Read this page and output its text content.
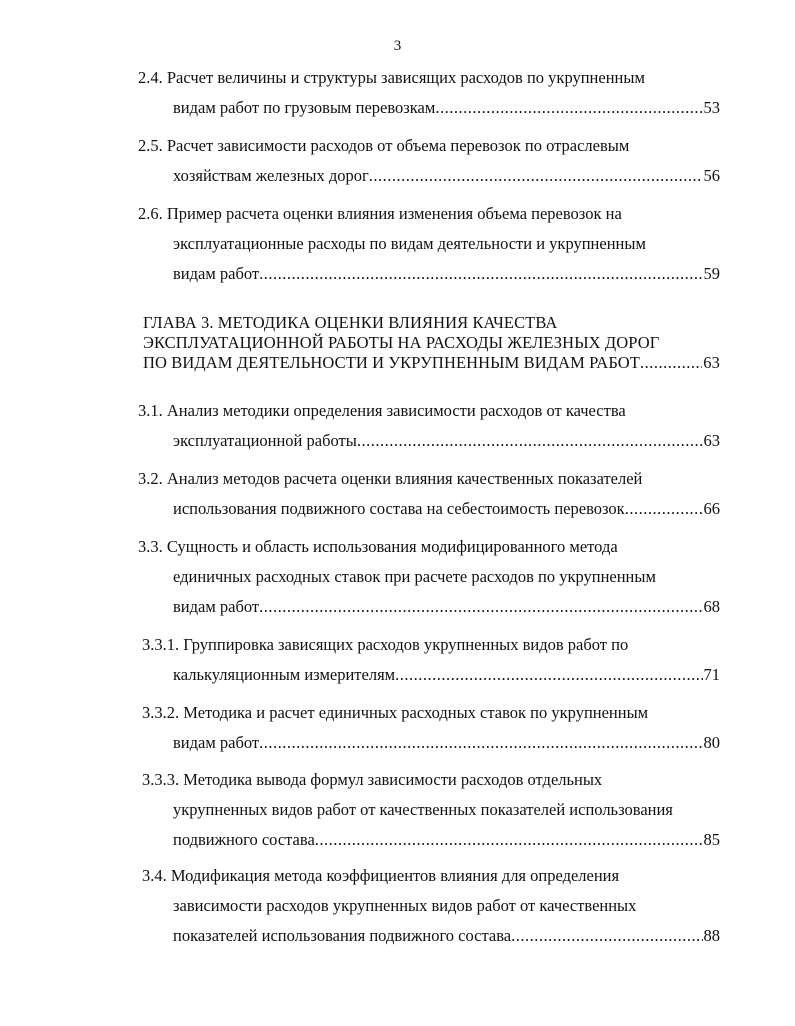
3
2.4. Расчет величины и структуры зависящих расходов по укрупненным
видам работ по грузовым перевозкам .....	53
2.5. Расчет зависимости расходов от объема перевозок по отраслевым
хозяйствам железных дорог .....	56
2.6. Пример расчета оценки влияния изменения объема перевозок на
эксплуатационные расходы по видам деятельности и укрупненным
видам работ .....	59
ГЛАВА 3. МЕТОДИКА ОЦЕНКИ ВЛИЯНИЯ КАЧЕСТВА
ЭКСПЛУАТАЦИОННОЙ РАБОТЫ НА РАСХОДЫ ЖЕЛЕЗНЫХ ДОРОГ
ПО ВИДАМ ДЕЯТЕЛЬНОСТИ И УКРУПНЕННЫМ ВИДАМ РАБОТ .....	63
3.1. Анализ методики определения зависимости расходов от качества
эксплуатационной работы .....	63
3.2. Анализ методов расчета оценки влияния качественных показателей
использования подвижного состава на себестоимость перевозок .....	66
3.3. Сущность и область использования модифицированного метода
единичных расходных ставок при расчете расходов по укрупненным
видам работ .....	68
3.3.1. Группировка зависящих расходов укрупненных видов работ по
калькуляционным измерителям .....	71
3.3.2. Методика и расчет единичных расходных ставок по укрупненным
видам работ .....	80
3.3.3. Методика вывода формул зависимости расходов отдельных
укрупненных видов работ от качественных показателей использования
подвижного состава .....	85
3.4. Модификация метода коэффициентов влияния для определения
зависимости расходов укрупненных видов работ от качественных
показателей использования подвижного состава .....	88
